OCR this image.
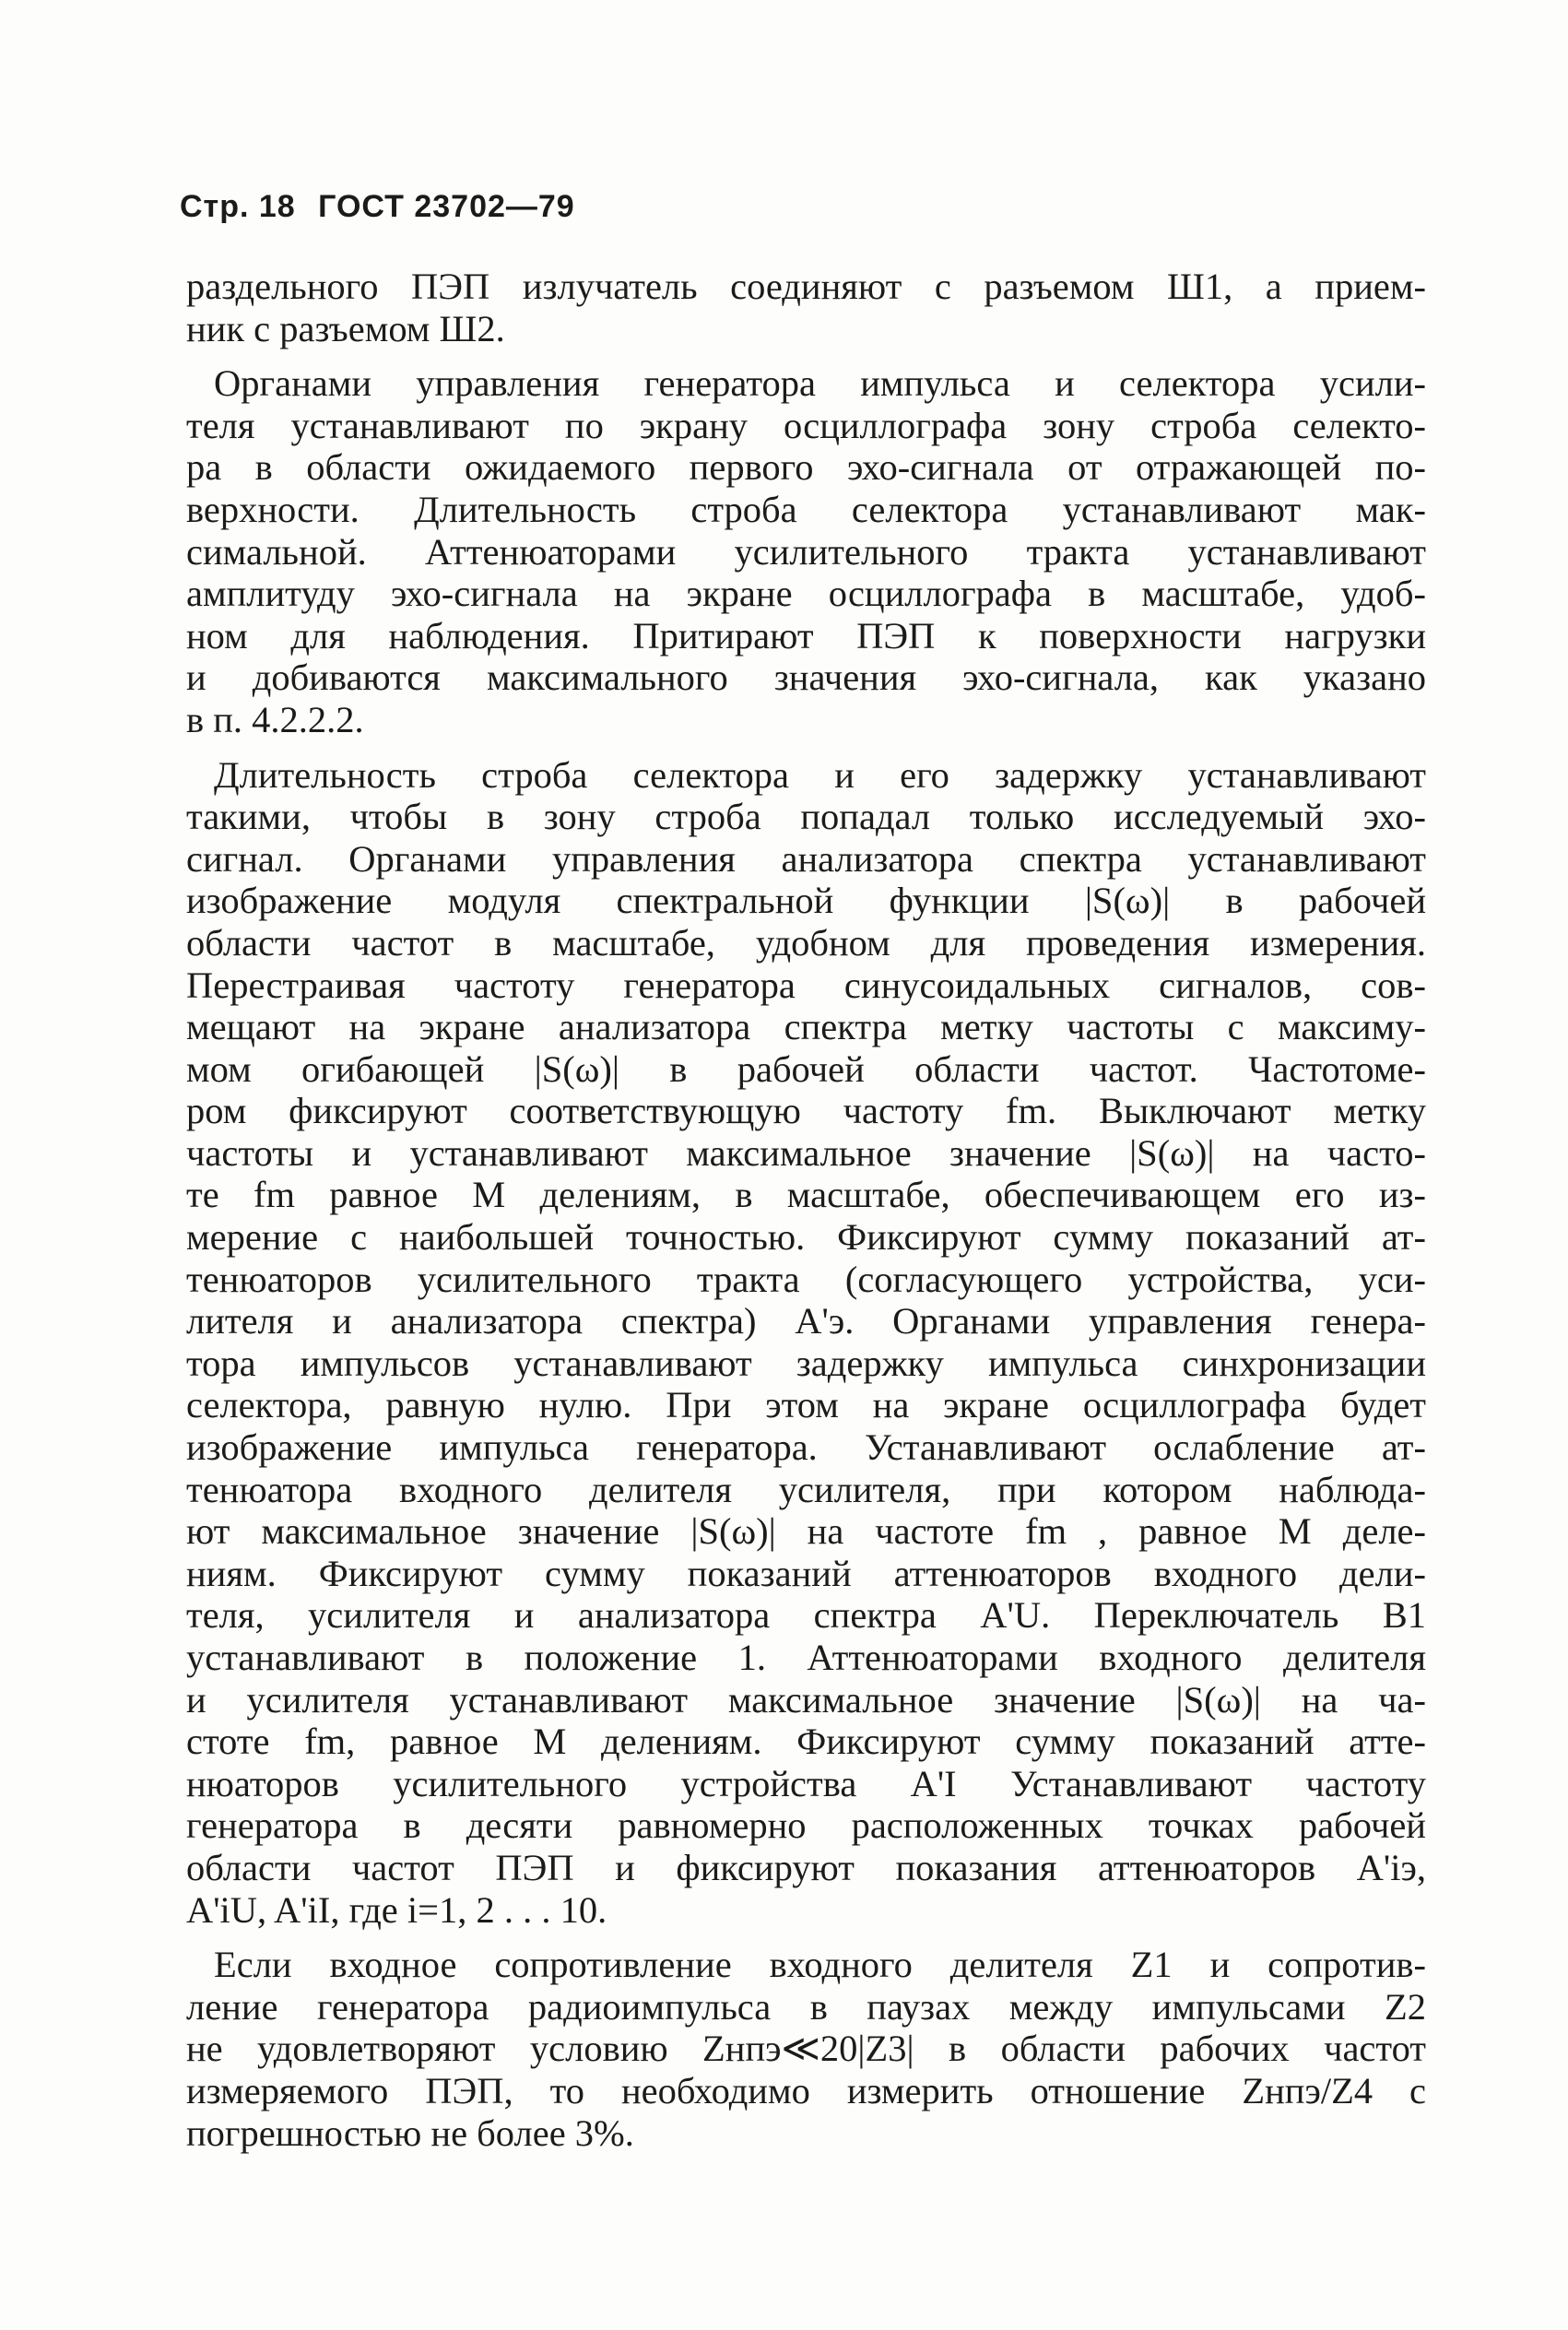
Стр. 18 ГОСТ 23702—79
раздельного ПЭП излучатель соединяют с разъемом Ш1, а прием-
ник с разъемом Ш2.
Органами управления генератора импульса и селектора усили-
теля устанавливают по экрану осциллографа зону строба селекто-
ра в области ожидаемого первого эхо-сигнала от отражающей по-
верхности. Длительность строба селектора устанавливают мак-
симальной. Аттенюаторами усилительного тракта устанавливают
амплитуду эхо-сигнала на экране осциллографа в масштабе, удоб-
ном для наблюдения. Притирают ПЭП к поверхности нагрузки
и добиваются максимального значения эхо-сигнала, как указано
в п. 4.2.2.2.
Длительность строба селектора и его задержку устанавливают
такими, чтобы в зону строба попадал только исследуемый эхо-
сигнал. Органами управления анализатора спектра устанавливают
изображение модуля спектральной функции |S(ω)| в рабочей
области частот в масштабе, удобном для проведения измерения.
Перестраивая частоту генератора синусоидальных сигналов, сов-
мещают на экране анализатора спектра метку частоты с максиму-
мом огибающей |S(ω)| в рабочей области частот. Частотоме-
ром фиксируют соответствующую частоту fm. Выключают метку
частоты и устанавливают максимальное значение |S(ω)| на часто-
те fm равное M делениям, в масштабе, обеспечивающем его из-
мерение с наибольшей точностью. Фиксируют сумму показаний ат-
тенюаторов усилительного тракта (согласующего устройства, уси-
лителя и анализатора спектра) A'э. Органами управления генера-
тора импульсов устанавливают задержку импульса синхронизации
селектора, равную нулю. При этом на экране осциллографа будет
изображение импульса генератора. Устанавливают ослабление ат-
тенюатора входного делителя усилителя, при котором наблюда-
ют максимальное значение |S(ω)| на частоте fm , равное M деле-
ниям. Фиксируют сумму показаний аттенюаторов входного дели-
теля, усилителя и анализатора спектра A'U. Переключатель B1
устанавливают в положение 1. Аттенюаторами входного делителя
и усилителя устанавливают максимальное значение |S(ω)| на ча-
стоте fm, равное M делениям. Фиксируют сумму показаний атте-
нюаторов усилительного устройства A'I Устанавливают частоту
генератора в десяти равномерно расположенных точках рабочей
области частот ПЭП и фиксируют показания аттенюаторов A'iэ,
A'iU, A'iI, где i=1, 2 . . . 10.
Если входное сопротивление входного делителя Z1 и сопротив-
ление генератора радиоимпульса в паузах между импульсами Z2
не удовлетворяют условию Zнпэ≪20|Z3| в области рабочих частот
измеряемого ПЭП, то необходимо измерить отношение Zнпэ/Z4 с
погрешностью не более 3%.
